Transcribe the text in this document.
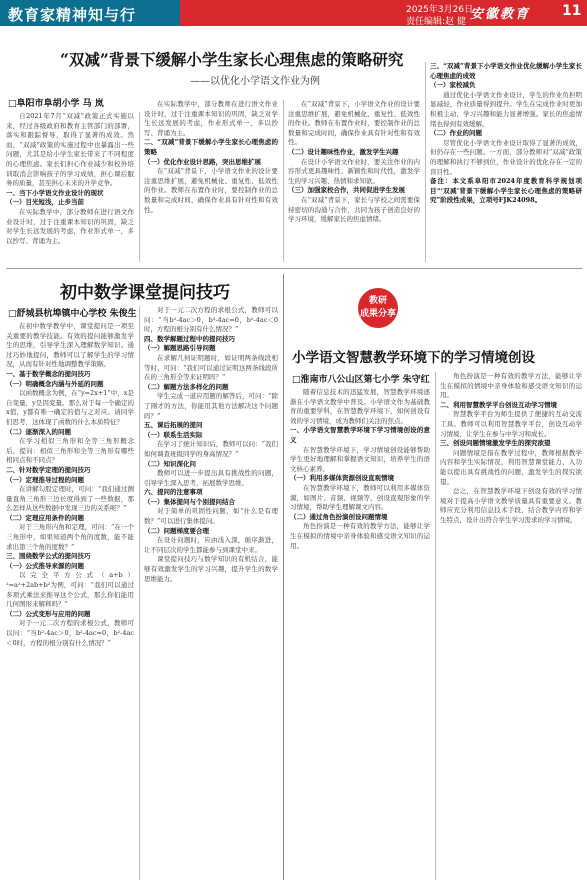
教育家精神知与行	2025年3月26日
责任编辑:赵 健 安徽教育 11
“双减”背景下缓解小学生家长心理焦虑的策略研究
——以优化小学语文作业为例
□阜阳市阜胡小学 马 岚

自2021年7月“双减”政策正式实施以来，经过各级政府和教育主管部门的部署，落实和跟踪督导，取得了显著的成效。然而，“双减”政策的实施过程中也暴露出一些问题，尤其是给小学生家长带来了不同程度的心理焦虑。家长们担心作业减少和校外培训取消会影响孩子的学习成绩，担心课后服务的质量，甚至担心未来的升学竞争。

一、当下小学语文作业设计的现状

（一）目光短浅，止步当前

在实际教学中，部分教师在进行语文作业设计时，过于注重课本知识的巩固，缺乏对学生长远发展的考虑，作业形式单一，多以抄写、背诵为主。

在实际教学中，部分教师在进行语文作业设计时，过于注重课本知识的巩固，缺乏对学生长远发展的考虑，作业形式单一，多以抄写、背诵为主。

二、“双减”背景下缓解小学生家长心理焦虑的策略

（一）优化作业设计思路，突出思维扩展

在“双减”背景下，小学语文作业的设计要注重思维扩展，避免机械化、重复性、低效性的作业。教师在布置作业时，要控制作业的总数量和完成时间，确保作业具有针对性和有效性。

在“双减”背景下，小学语文作业的设计要注重思维扩展，避免机械化、重复性、低效性的作业。教师在布置作业时，要控制作业的总数量和完成时间，确保作业具有针对性和有效性。

（二）设计趣味性作业，激发学生兴趣

在设计小学语文作业时，要关注作业的内容形式更具趣味性、新颖性和时代性，激发学生的学习兴趣、热情和求知欲。

（三）加强家校合作，共同促进学生发展

在“双减”背景下，家长与学校之间需要保持密切的沟通与合作，共同为孩子创造良好的学习环境，缓解家长的焦虑情绪。

三、“双减”背景下小学语文作业优化缓解小学生家长心理焦虑的成效

（一）家校减负

通过优化小学语文作业设计，学生的作业负担明显减轻，作业质量得到提升。学生在完成作业时更加积极主动，学习兴趣和能力显著增强。家长的焦虑情绪也得到有效缓解。

（二）作业的问题

尽管优化小学语文作业设计取得了显著的成效，但仍存在一些问题。一方面，部分教师对“双减”政策的理解和执行不够到位，作业设计的优化存在一定的盲目性。

备注：本文系阜阳市2024年度教育科学规划项目“‘双减’背景下缓解小学生家长心理焦虑的策略研究”阶段性成果，立项号FJK24098。

初中数学课堂提问技巧
□舒城县杭埠镇中心学校 朱俊生

在初中数学教学中，课堂提问是一项至关重要的教学技能。有效的提问能够激发学生的思维，引导学生深入理解数学知识。通过巧妙地提问，教师可以了解学生的学习情况，从而有针对性地调整教学策略。

一、基于数学概念的提问技巧

（一）明确概念内涵与外延的问题

以函数概念为例，在“y=2x+1”中，x是自变量，y是因变量。那么对于每一个确定的x值，y都有唯一确定的值与之对应。请同学们思考，这体现了函数的什么本质特征？

（二）逐渐深入的问题

在学习相似三角形和全等三角形概念后，提问：相似三角形和全等三角形有哪些相同点和不同点？

二、针对数学定理的提问技巧

（一）定理推导过程的问题

在讲解勾股定理时，可问：“我们通过测量直角三角形三边长度得到了一些数据，那么怎样从这些数据中发现三边的关系呢？”

（二）定理应用条件的问题

对于三角形内角和定理，可问：“在一个三角形中，如果知道两个角的度数，能不能求出第三个角的度数？”

三、围绕数学公式的提问技巧

（一）公式推导来源的问题

以完全平方公式（a+b）²=a²+2ab+b²为例，可问：“我们可以通过多项式乘法来推导这个公式，那么你们能用几何图形来解释吗？”

（二）公式变形与应用的问题

对于一元二次方程的求根公式，教师可以问：“当b²-4ac＞0，b²-4ac=0，b²-4ac＜0时，方程的根分别有什么情况？”

对于一元二次方程的求根公式，教师可以问：“当b²-4ac＞0，b²-4ac=0，b²-4ac＜0时，方程的根分别有什么情况？”

四、数学解题过程中的提问技巧

（一）解题思路引导问题

在求解几何证明题时，如证明两条线段相等时，可问：“我们可以通过证明这两条线段所在的三角形全等来证明吗？”

（二）解题方法多样化的问题

学生完成一道应用题的解答后，可问：“除了刚才的方法，你能用其他方法解决这个问题吗？”

五、课后拓展的提问

（一）联系生活实际

在学习了统计知识后，教师可以问：“我们如何调查班级同学的身高情况？”

（二）知识深化问

教师可以进一步提出具有挑战性的问题，引导学生深入思考，拓展数学思维。

六、提问的注意事项

（一）集体提问与个别提问结合

对于简单的巩固性问题，如“什么是有理数？”可以进行集体提问。

（二）问题梯度要合理

在设计问题时，应由浅入深，循序渐进，让不同层次的学生都能参与到课堂中来。

课堂提问技巧与数学知识的有机结合，能够有效激发学生的学习兴趣，提升学生的数学思维能力。

教研
成果分享
小学语文智慧教学环境下的学习情境创设
□淮南市八公山区第七小学 朱守红

随着信息技术的迅猛发展，智慧教学环境逐渐在小学语文教学中普及。小学语文作为基础教育的重要学科，在智慧教学环境下，如何创设有效的学习情境，成为教师们关注的焦点。

一、小学语文智慧教学环境下学习情境创设的意义

在智慧教学环境下，学习情境创设能够帮助学生更好地理解和掌握语文知识，培养学生的语文核心素养。

（一）利用多媒体资源创设直观情境

在智慧教学环境下，教师可以利用多媒体资源，如图片、音频、视频等，创设直观形象的学习情境，帮助学生理解课文内容。

（二）通过角色扮演创设问题情境

角色扮演是一种有效的教学方法，能够让学生在模拟的情境中亲身体验和感受语文知识的运用。

角色扮演是一种有效的教学方法，能够让学生在模拟的情境中亲身体验和感受语文知识的运用。

二、利用智慧教学平台创设互动学习情境

智慧教学平台为师生提供了便捷的互动交流工具。教师可以利用智慧教学平台，创设互动学习情境，让学生在参与中学习和成长。

三、创设问题情境激发学生的探究欲望

问题情境是指在教学过程中，教师根据教学内容和学生实际情况，利用智慧课堂能力、入功能以提出具有挑战性的问题，激发学生的探究欲望。

总之，在智慧教学环境下创设有效的学习情境对于提高小学语文教学质量具有重要意义。教师应充分利用信息技术手段，结合教学内容和学生特点，设计出符合学生学习需求的学习情境。
